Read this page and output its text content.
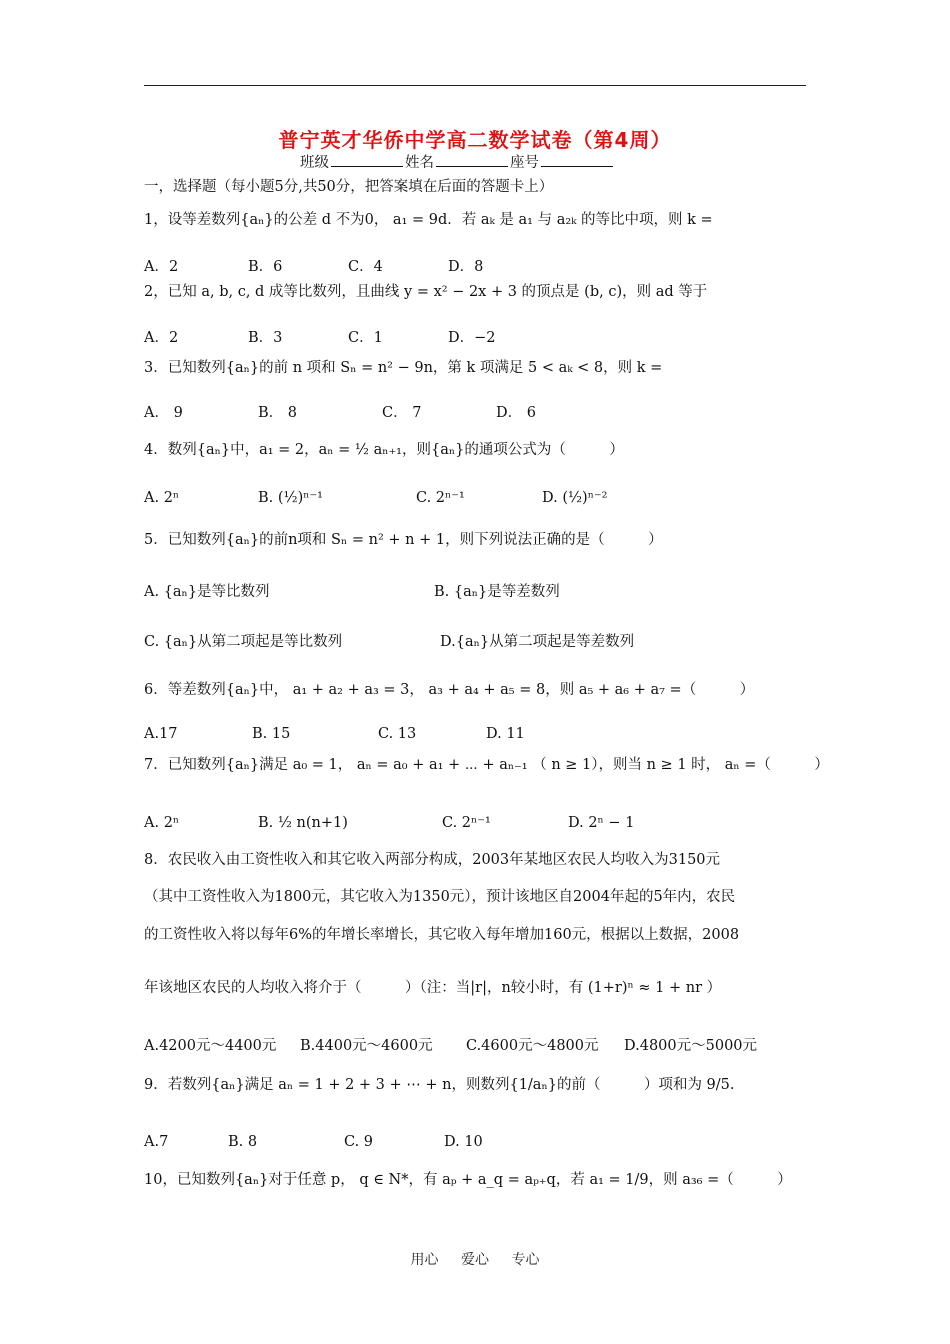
普宁英才华侨中学高二数学试卷（第4周）
班级	姓名	座号
一，选择题（每小题5分,共50分，把答案填在后面的答题卡上）
1，设等差数列{aₙ}的公差 d 不为0， a₁ = 9d．若 aₖ 是 a₁ 与 a₂ₖ 的等比中项，则 k =
A．2	B．6	C．4	D．8
2，已知 a, b, c, d 成等比数列，且曲线 y = x² − 2x + 3 的顶点是 (b, c)，则 ad 等于
A．2	B．3	C．1	D．−2
3．已知数列{aₙ}的前 n 项和 Sₙ = n² − 9n，第 k 项满足 5 < aₖ < 8，则 k =
A． 9	B． 8	C． 7	D． 6
4．数列{aₙ}中，a₁ = 2，aₙ = ½ aₙ₊₁，则{aₙ}的通项公式为（　　　）
A. 2ⁿ	B. (½)ⁿ⁻¹	C. 2ⁿ⁻¹	D. (½)ⁿ⁻²
5．已知数列{aₙ}的前n项和 Sₙ = n² + n + 1，则下列说法正确的是（　　　）
A. {aₙ}是等比数列	B. {aₙ}是等差数列
C. {aₙ}从第二项起是等比数列	D.{aₙ}从第二项起是等差数列
6．等差数列{aₙ}中， a₁ + a₂ + a₃ = 3， a₃ + a₄ + a₅ = 8，则 a₅ + a₆ + a₇ =（　　　）
A.17	B. 15	C. 13	D. 11
7．已知数列{aₙ}满足 a₀ = 1， aₙ = a₀ + a₁ + ⋯ + aₙ₋₁ （ n ≥ 1），则当 n ≥ 1 时， aₙ =（　　　）
A. 2ⁿ	B. ½ n(n+1)	C. 2ⁿ⁻¹	D. 2ⁿ − 1
8．农民收入由工资性收入和其它收入两部分构成，2003年某地区农民人均收入为3150元
（其中工资性收入为1800元，其它收入为1350元），预计该地区自2004年起的5年内，农民
的工资性收入将以每年6%的年增长率增长，其它收入每年增加160元，根据以上数据，2008
年该地区农民的人均收入将介于（　　　）（注：当|r|，n较小时，有 (1+r)ⁿ ≈ 1 + nr ）
A.4200元～4400元 B.4400元～4600元 C.4600元～4800元 D.4800元～5000元
9．若数列{aₙ}满足 aₙ = 1 + 2 + 3 + ⋯ + n，则数列{1/aₙ}的前（　　　）项和为 9/5.
A.7	B. 8	C. 9	D. 10
10，已知数列{aₙ}对于任意 p， q ∈ N*，有 aₚ + a_q = aₚ₊q，若 a₁ = 1/9，则 a₃₆ =（　　　）
用心 爱心 专心
